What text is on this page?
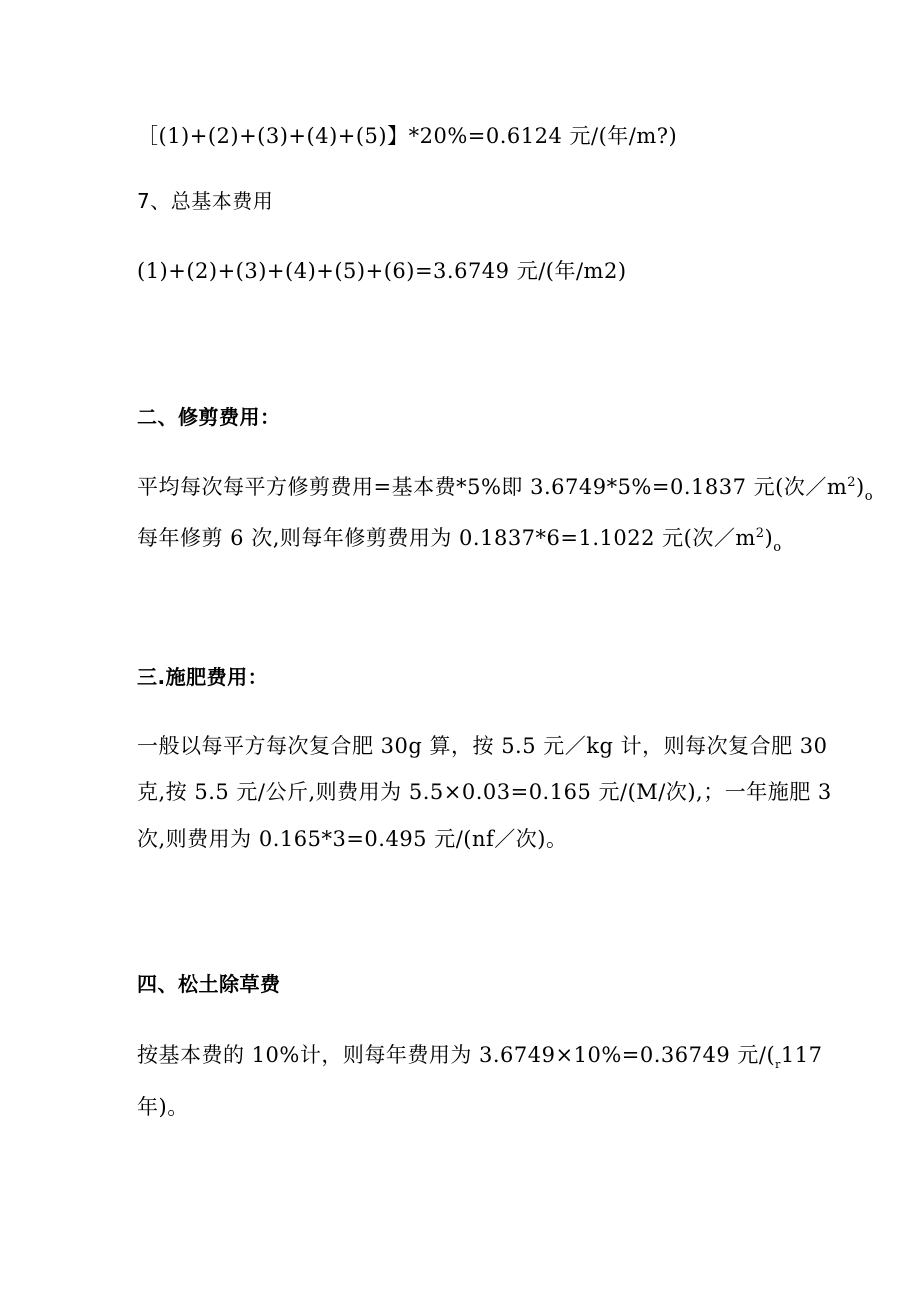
［(1)+(2)+(3)+(4)+(5)】*20%=0.6124 元/(年/m?)
7、总基本费用
(1)+(2)+(3)+(4)+(5)+(6)=3.6749 元/(年/m2)
二、修剪费用：
平均每次每平方修剪费用=基本费*5%即 3.6749*5%=0.1837 元(次$/m^2)_o$
每年修剪 6 次,则每年修剪费用为 0.1837*6=1.1022 元(次$/m^2)_o$
三.施肥费用：
一般以每平方每次复合肥 30g 算，按 5.5 元／kg 计，则每次复合肥 30
克,按 5.5 元/公斤,则费用为 5.5×0.03=0.165 元/(M/次),；一年施肥 3
次,则费用为 0.165*3=0.495 元/(nf／次)。
四、松土除草费
按基本费的 10%计，则每年费用为 3.6749×10%=0.36749 元$/(_r117$
年)。
